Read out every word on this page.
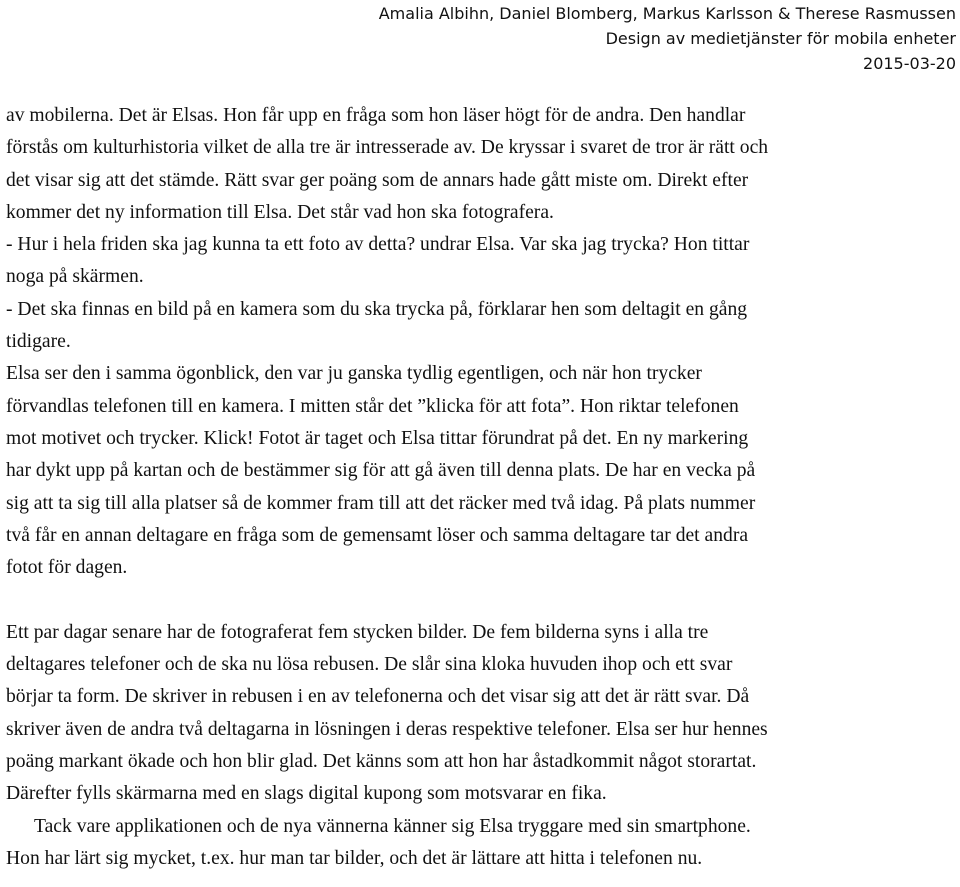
Amalia Albihn, Daniel Blomberg, Markus Karlsson & Therese Rasmussen
Design av medietjänster för mobila enheter
2015-03-20
av mobilerna. Det är Elsas. Hon får upp en fråga som hon läser högt för de andra. Den handlar
förstås om kulturhistoria vilket de alla tre är intresserade av. De kryssar i svaret de tror är rätt och
det visar sig att det stämde. Rätt svar ger poäng som de annars hade gått miste om. Direkt efter
kommer det ny information till Elsa. Det står vad hon ska fotografera.
- Hur i hela friden ska jag kunna ta ett foto av detta? undrar Elsa. Var ska jag trycka? Hon tittar
noga på skärmen.
- Det ska finnas en bild på en kamera som du ska trycka på, förklarar hen som deltagit en gång
tidigare.
Elsa ser den i samma ögonblick, den var ju ganska tydlig egentligen, och när hon trycker
förvandlas telefonen till en kamera. I mitten står det ”klicka för att fota”. Hon riktar telefonen
mot motivet och trycker. Klick! Fotot är taget och Elsa tittar förundrat på det. En ny markering
har dykt upp på kartan och de bestämmer sig för att gå även till denna plats. De har en vecka på
sig att ta sig till alla platser så de kommer fram till att det räcker med två idag. På plats nummer
två får en annan deltagare en fråga som de gemensamt löser och samma deltagare tar det andra
fotot för dagen.
Ett par dagar senare har de fotograferat fem stycken bilder. De fem bilderna syns i alla tre
deltagares telefoner och de ska nu lösa rebusen. De slår sina kloka huvuden ihop och ett svar
börjar ta form. De skriver in rebusen i en av telefonerna och det visar sig att det är rätt svar. Då
skriver även de andra två deltagarna in lösningen i deras respektive telefoner. Elsa ser hur hennes
poäng markant ökade och hon blir glad. Det känns som att hon har åstadkommit något storartat.
Därefter fylls skärmarna med en slags digital kupong som motsvarar en fika.
Tack vare applikationen och de nya vännerna känner sig Elsa tryggare med sin smartphone.
Hon har lärt sig mycket, t.ex. hur man tar bilder, och det är lättare att hitta i telefonen nu.
